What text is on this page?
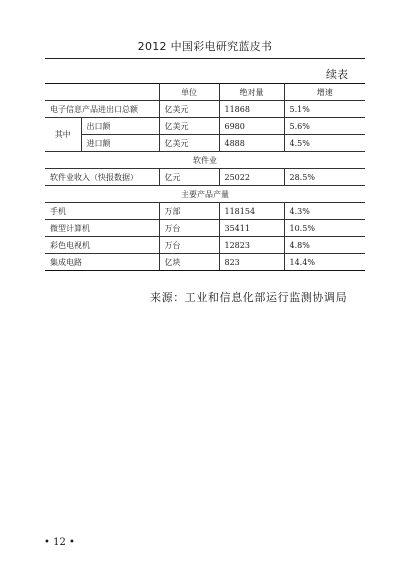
2012 中国彩电研究蓝皮书
续表
		单位	绝对量	增速
电子信息产品进出口总额		亿美元	11868	5.1%
其中	出口额	亿美元	6980	5.6%
	进口额	亿美元	4888	4.5%
软件业				
软件业收入（快报数据）		亿元	25022	28.5%
主要产品产量				
手机		万部	118154	4.3%
微型计算机		万台	35411	10.5%
彩色电视机		万台	12823	4.8%
集成电路		亿块	823	14.4%
来源：工业和信息化部运行监测协调局
• 12 •
